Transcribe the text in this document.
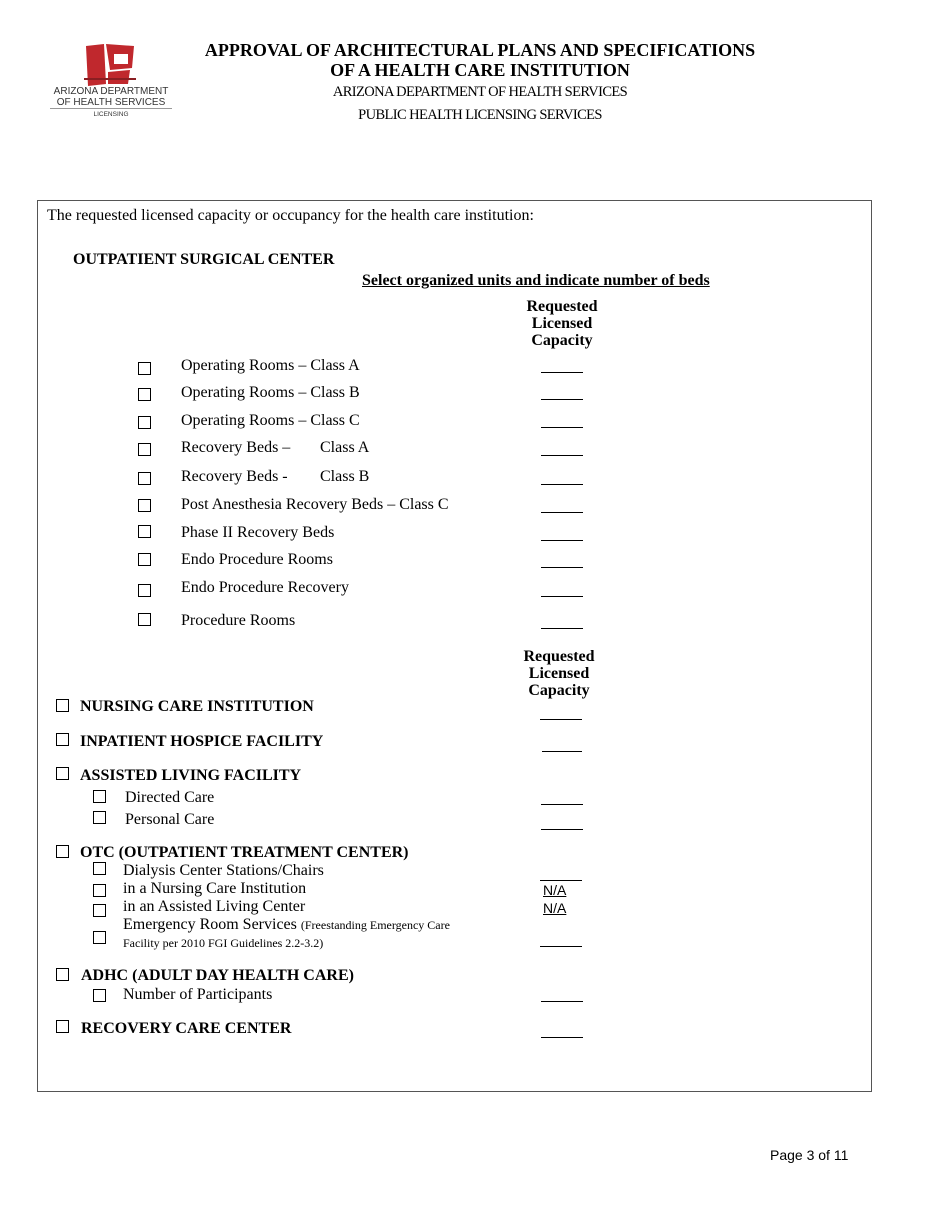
ARIZONA DEPARTMENT
OF HEALTH SERVICES
LICENSING
APPROVAL OF ARCHITECTURAL PLANS AND SPECIFICATIONS
OF A HEALTH CARE INSTITUTION
ARIZONA DEPARTMENT OF HEALTH SERVICES
PUBLIC HEALTH LICENSING SERVICES
The requested licensed capacity or occupancy for the health care institution:
OUTPATIENT SURGICAL CENTER
Select organized units and indicate number of beds
Requested
Licensed
Capacity
Operating Rooms – Class A
Operating Rooms – Class B
Operating Rooms – Class C
Recovery Beds – Class A
Recovery Beds - Class B
Post Anesthesia Recovery Beds – Class C
Phase II Recovery Beds
Endo Procedure Rooms
Endo Procedure Recovery
Procedure Rooms
Requested
Licensed
Capacity
NURSING CARE INSTITUTION
INPATIENT HOSPICE FACILITY
ASSISTED LIVING FACILITY
Directed Care
Personal Care
OTC (OUTPATIENT TREATMENT CENTER)
Dialysis Center Stations/Chairs
in a Nursing Care Institution	N/A
in an Assisted Living Center	N/A
Emergency Room Services (Freestanding Emergency Care
Facility per 2010 FGI Guidelines 2.2-3.2)
ADHC (ADULT DAY HEALTH CARE)
Number of Participants
RECOVERY CARE CENTER
Page 3 of 11
